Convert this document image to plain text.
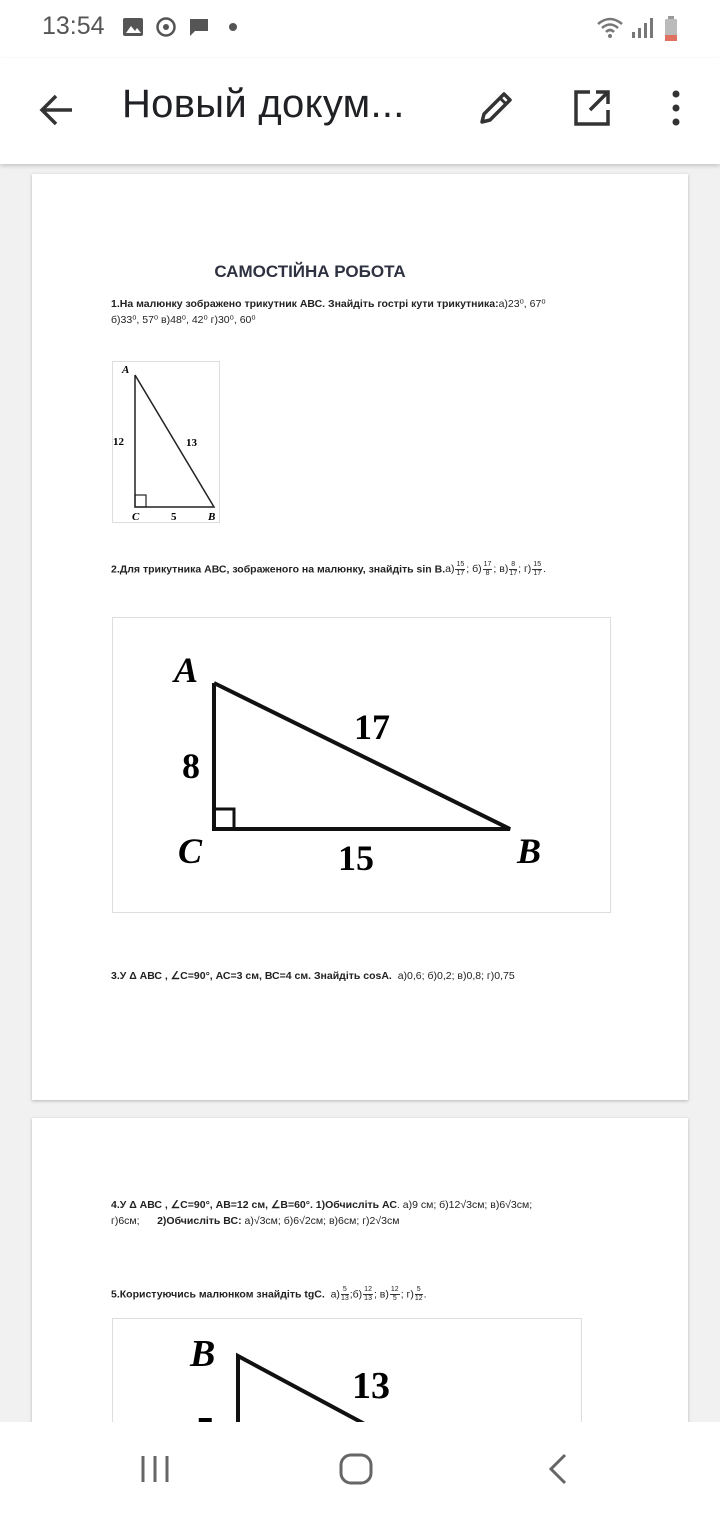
САМОСТІЙНА РОБОТА
1.На малюнку зображено трикутник АВС. Знайдіть гострі кути трикутника:а)23⁰, 67⁰
б)33⁰, 57⁰ в)48⁰, 42⁰ г)30⁰, 60⁰
A
12	13
C	5	B
2.Для трикутника АВС, зображеного на малюнку, знайдіть $\sin B.а) \frac{15}{17}$ ; $б) \frac{17}{8}$ ; $в) \frac{8}{17}$ ; $г) \frac{15}{17}$ .
A
8
17
C	15	B
3.У Δ АВС , ∠С=90°, АС=3 см, ВС=4 см. Знайдіть cosА. а)0,6; б)0,2; в)0,8; г)0,75
4.У Δ АВС , ∠С=90°, АВ=12 см, ∠В=60°. 1)Обчисліть АС. а)9 см; б)12√3см; в)6√3см;
г)6см; 2)Обчисліть ВС: а)√3см; б)6√2см; в)6см; г)2√3см
5.Користуючись малюнком знайдіть tgC. $а) \frac{5}{13}$ ;б) $\frac{12}{13}$ ; $в) \frac{12}{5}$ ; $г) \frac{5}{12}$ .
B
13
13:54
Новый докум...
